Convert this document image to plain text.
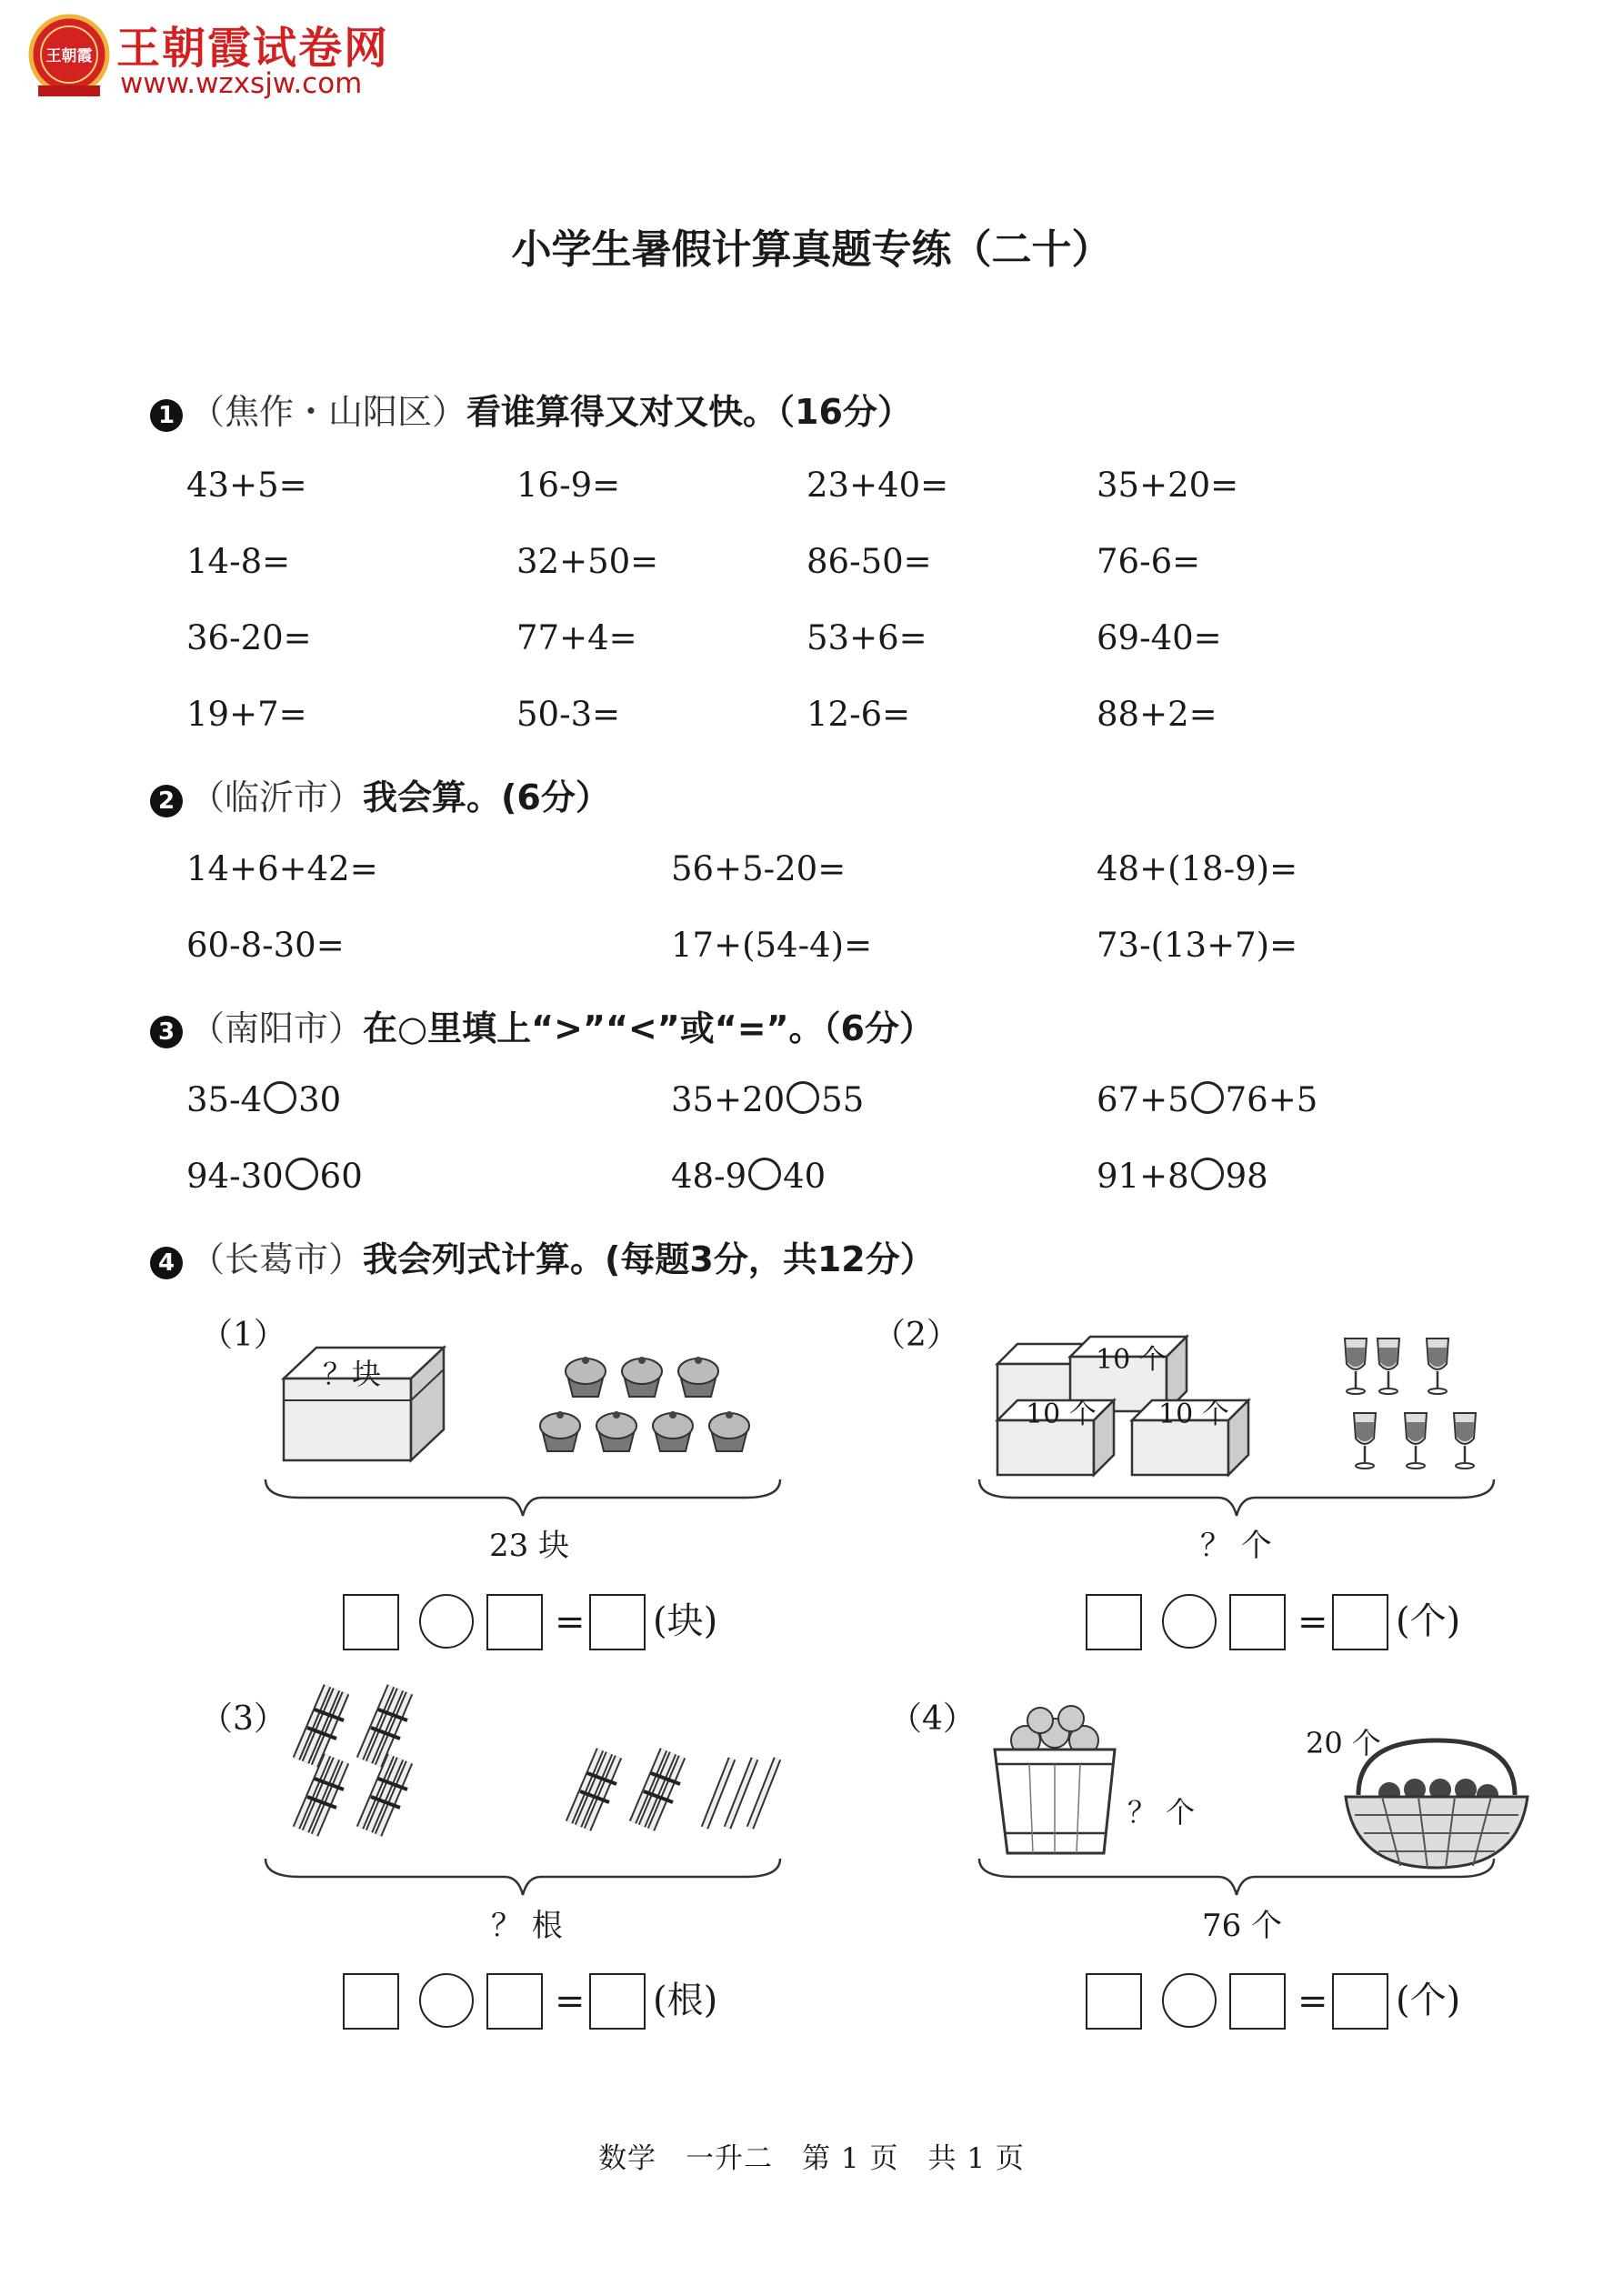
王朝霞 王朝霞试卷网
www.wzxsjw.com
小学生暑假计算真题专练（二十）
1 （焦作・山阳区）看谁算得又对又快。（16分）
43+5=	16-9=	23+40=	35+20=
14-8=	32+50=	86-50=	76-6=
36-20=	77+4=	53+6=	69-40=
19+7=	50-3=	12-6=	88+2=
2 （临沂市）我会算。(6分）
14+6+42=	56+5-20=	48+(18-9)=
60-8-30=	17+(54-4)=	73-(13+7)=
3 （南阳市）在○里填上“>”“<”或“=”。（6分）
35-4 30	35+20 55	67+5 76+5
94-30 60	48-9 40	91+8 98
4 （长葛市）我会列式计算。(每题3分，共12分）
（1）
？块
23 块
（2）
10 个
10 个 10 个
？ 个
（3）
？ 根
（4）
？ 个
20 个
76 个
= (块)	= (个)
= (根)	= (个)
数学　一升二　第 1 页　共 1 页
